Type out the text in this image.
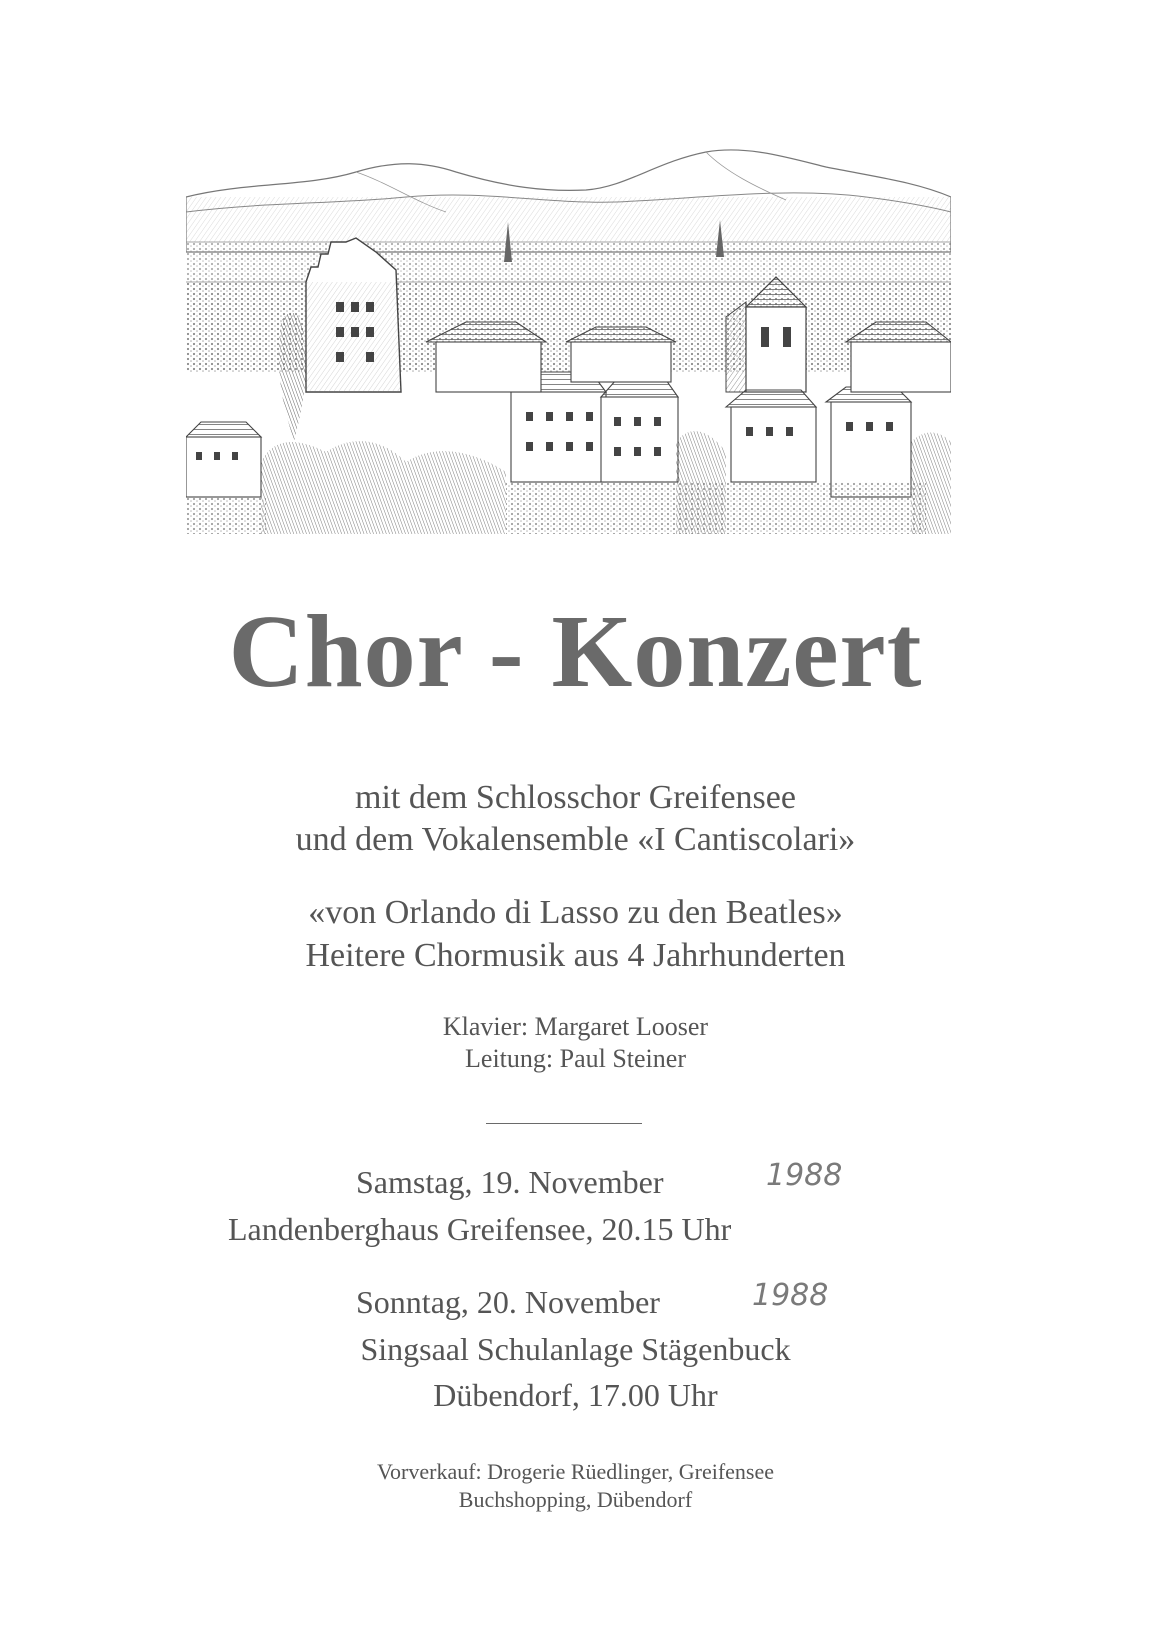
Chor - Konzert
mit dem Schlosschor Greifensee
und dem Vokalensemble «I Cantiscolari»
«von Orlando di Lasso zu den Beatles»
Heitere Chormusik aus 4 Jahrhunderten
Klavier: Margaret Looser
Leitung: Paul Steiner
Samstag, 19. November	1988
Landenberghaus Greifensee, 20.15 Uhr
Sonntag, 20. November	1988
Singsaal Schulanlage Stägenbuck
Dübendorf, 17.00 Uhr
Vorverkauf: Drogerie Rüedlinger, Greifensee
Buchshopping, Dübendorf
